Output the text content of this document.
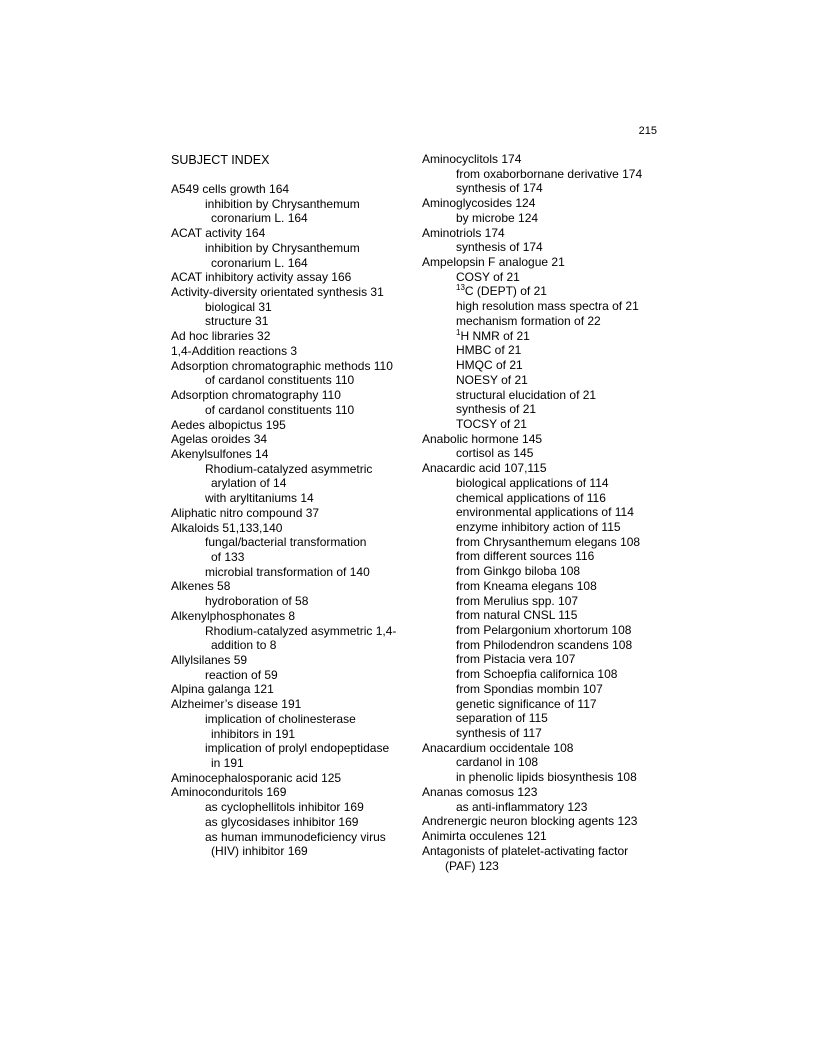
215
SUBJECT INDEX
A549 cells growth 164
inhibition by Chrysanthemum
coronarium L. 164
ACAT activity 164
inhibition by Chrysanthemum
coronarium L. 164
ACAT inhibitory activity assay 166
Activity-diversity orientated synthesis 31
biological 31
structure 31
Ad hoc libraries 32
1,4-Addition reactions 3
Adsorption chromatographic methods 110
of cardanol constituents 110
Adsorption chromatography 110
of cardanol constituents 110
Aedes albopictus 195
Agelas oroides 34
Akenylsulfones 14
Rhodium-catalyzed asymmetric
arylation of 14
with aryltitaniums 14
Aliphatic nitro compound 37
Alkaloids 51,133,140
fungal/bacterial transformation
of 133
microbial transformation of 140
Alkenes 58
hydroboration of 58
Alkenylphosphonates 8
Rhodium-catalyzed asymmetric 1,4-
addition to 8
Allylsilanes 59
reaction of 59
Alpina galanga 121
Alzheimer’s disease 191
implication of cholinesterase
inhibitors in 191
implication of prolyl endopeptidase
in 191
Aminocephalosporanic acid 125
Aminoconduritols 169
as cyclophellitols inhibitor 169
as glycosidases inhibitor 169
as human immunodeficiency virus
(HIV) inhibitor 169
Aminocyclitols 174
from oxaborbornane derivative 174
synthesis of 174
Aminoglycosides 124
by microbe 124
Aminotriols 174
synthesis of 174
Ampelopsin F analogue 21
COSY of 21
$^{13}$C (DEPT) of 21
high resolution mass spectra of 21
mechanism formation of 22
$^1$H NMR of 21
HMBC of 21
HMQC of 21
NOESY of 21
structural elucidation of 21
synthesis of 21
TOCSY of 21
Anabolic hormone 145
cortisol as 145
Anacardic acid 107,115
biological applications of 114
chemical applications of 116
environmental applications of 114
enzyme inhibitory action of 115
from Chrysanthemum elegans 108
from different sources 116
from Ginkgo biloba 108
from Kneama elegans 108
from Merulius spp. 107
from natural CNSL 115
from Pelargonium xhortorum 108
from Philodendron scandens 108
from Pistacia vera 107
from Schoepfia californica 108
from Spondias mombin 107
genetic significance of 117
separation of 115
synthesis of 117
Anacardium occidentale 108
cardanol in 108
in phenolic lipids biosynthesis 108
Ananas comosus 123
as anti-inflammatory 123
Andrenergic neuron blocking agents 123
Animirta occulenes 121
Antagonists of platelet-activating factor
(PAF) 123
